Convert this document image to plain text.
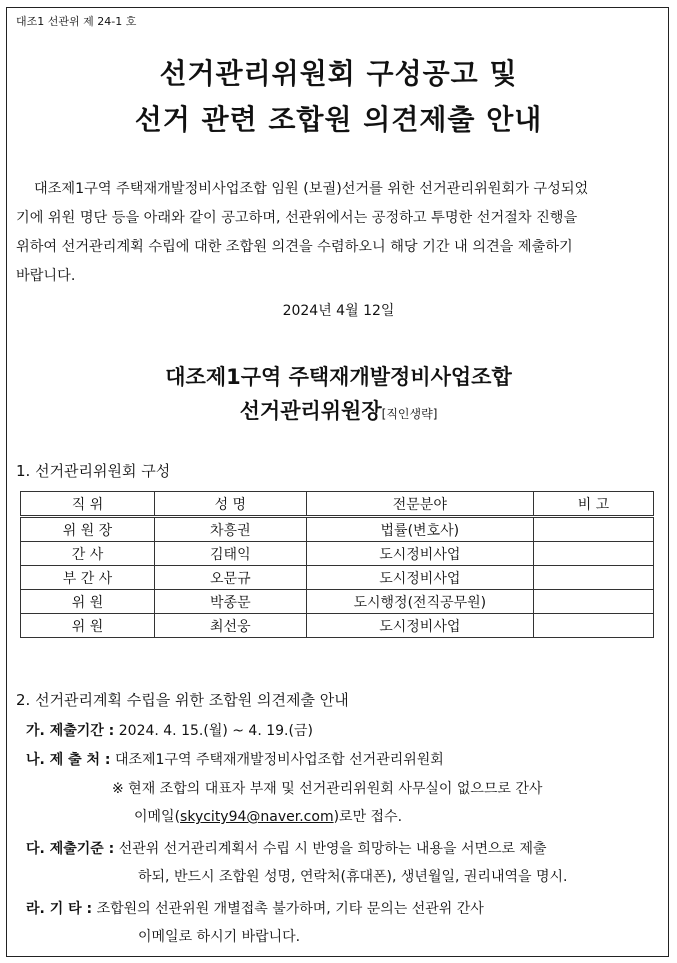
대조1 선관위 제 24-1 호
선거관리위원회 구성공고 및
선거 관련 조합원 의견제출 안내
대조제1구역 주택재개발정비사업조합 임원 (보궐)선거를 위한 선거관리위원회가 구성되었
기에 위원 명단 등을 아래와 같이 공고하며, 선관위에서는 공정하고 투명한 선거절차 진행을
위하여 선거관리계획 수립에 대한 조합원 의견을 수렴하오니 해당 기간 내 의견을 제출하기
바랍니다.
2024년 4월 12일
대조제1구역 주택재개발정비사업조합
선거관리위원장[직인생략]
1. 선거관리위원회 구성
직 위	성 명	전문분야	비 고
위 원 장	차흥권	법률(변호사)	
간 사	김태익	도시정비사업	
부 간 사	오문규	도시정비사업	
위 원	박종문	도시행정(전직공무원)	
위 원	최선웅	도시정비사업	
2. 선거관리계획 수립을 위한 조합원 의견제출 안내
가. 제출기간 : 2024. 4. 15.(월) ~ 4. 19.(금)
나. 제 출 처 : 대조제1구역 주택재개발정비사업조합 선거관리위원회
※ 현재 조합의 대표자 부재 및 선거관리위원회 사무실이 없으므로 간사
이메일(skycity94@naver.com)로만 접수.
다. 제출기준 : 선관위 선거관리계획서 수립 시 반영을 희망하는 내용을 서면으로 제출
하되, 반드시 조합원 성명, 연락처(휴대폰), 생년월일, 권리내역을 명시.
라. 기 타 : 조합원의 선관위원 개별접촉 불가하며, 기타 문의는 선관위 간사
이메일로 하시기 바랍니다.
